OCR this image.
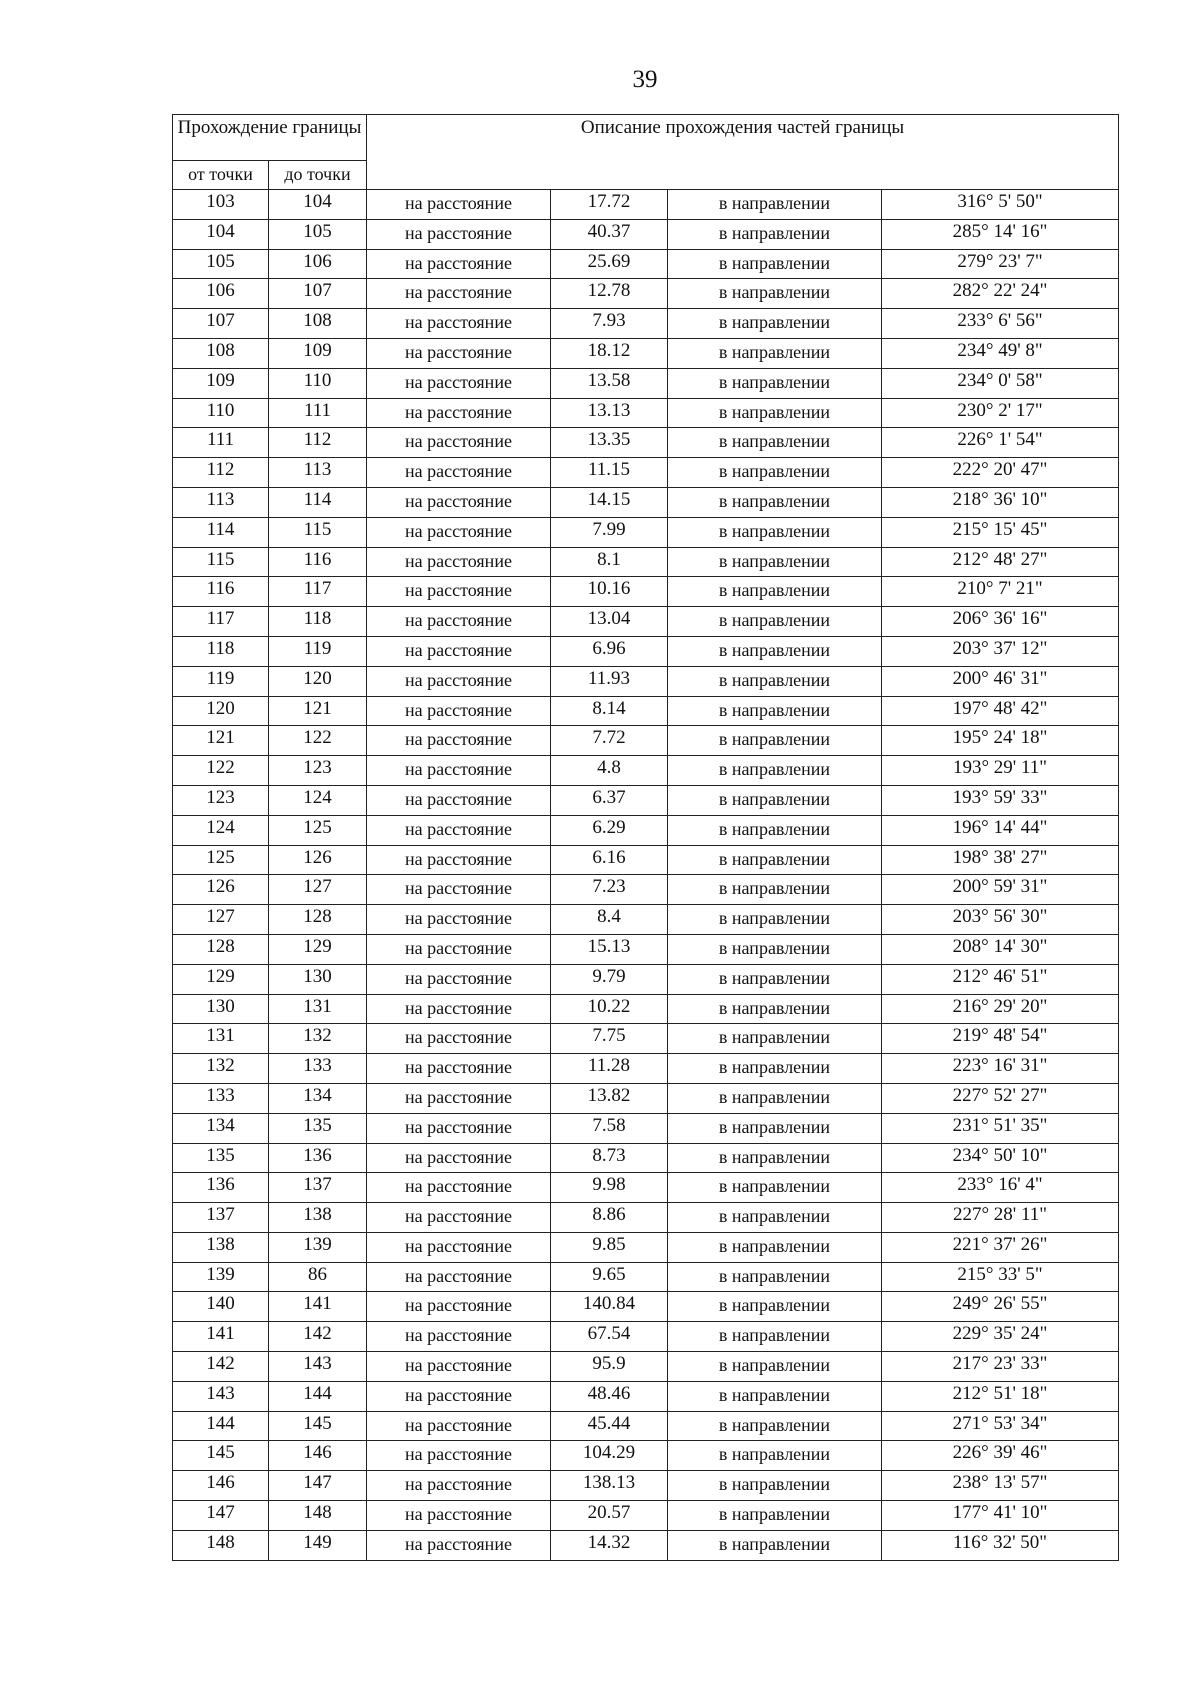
39
Прохождение границы		Описание прохождения частей границы			
от точки	до точки				
103	104	на расстояние	17.72	в направлении	316° 5' 50"
104	105	на расстояние	40.37	в направлении	285° 14' 16"
105	106	на расстояние	25.69	в направлении	279° 23' 7"
106	107	на расстояние	12.78	в направлении	282° 22' 24"
107	108	на расстояние	7.93	в направлении	233° 6' 56"
108	109	на расстояние	18.12	в направлении	234° 49' 8"
109	110	на расстояние	13.58	в направлении	234° 0' 58"
110	111	на расстояние	13.13	в направлении	230° 2' 17"
111	112	на расстояние	13.35	в направлении	226° 1' 54"
112	113	на расстояние	11.15	в направлении	222° 20' 47"
113	114	на расстояние	14.15	в направлении	218° 36' 10"
114	115	на расстояние	7.99	в направлении	215° 15' 45"
115	116	на расстояние	8.1	в направлении	212° 48' 27"
116	117	на расстояние	10.16	в направлении	210° 7' 21"
117	118	на расстояние	13.04	в направлении	206° 36' 16"
118	119	на расстояние	6.96	в направлении	203° 37' 12"
119	120	на расстояние	11.93	в направлении	200° 46' 31"
120	121	на расстояние	8.14	в направлении	197° 48' 42"
121	122	на расстояние	7.72	в направлении	195° 24' 18"
122	123	на расстояние	4.8	в направлении	193° 29' 11"
123	124	на расстояние	6.37	в направлении	193° 59' 33"
124	125	на расстояние	6.29	в направлении	196° 14' 44"
125	126	на расстояние	6.16	в направлении	198° 38' 27"
126	127	на расстояние	7.23	в направлении	200° 59' 31"
127	128	на расстояние	8.4	в направлении	203° 56' 30"
128	129	на расстояние	15.13	в направлении	208° 14' 30"
129	130	на расстояние	9.79	в направлении	212° 46' 51"
130	131	на расстояние	10.22	в направлении	216° 29' 20"
131	132	на расстояние	7.75	в направлении	219° 48' 54"
132	133	на расстояние	11.28	в направлении	223° 16' 31"
133	134	на расстояние	13.82	в направлении	227° 52' 27"
134	135	на расстояние	7.58	в направлении	231° 51' 35"
135	136	на расстояние	8.73	в направлении	234° 50' 10"
136	137	на расстояние	9.98	в направлении	233° 16' 4"
137	138	на расстояние	8.86	в направлении	227° 28' 11"
138	139	на расстояние	9.85	в направлении	221° 37' 26"
139	86	на расстояние	9.65	в направлении	215° 33' 5"
140	141	на расстояние	140.84	в направлении	249° 26' 55"
141	142	на расстояние	67.54	в направлении	229° 35' 24"
142	143	на расстояние	95.9	в направлении	217° 23' 33"
143	144	на расстояние	48.46	в направлении	212° 51' 18"
144	145	на расстояние	45.44	в направлении	271° 53' 34"
145	146	на расстояние	104.29	в направлении	226° 39' 46"
146	147	на расстояние	138.13	в направлении	238° 13' 57"
147	148	на расстояние	20.57	в направлении	177° 41' 10"
148	149	на расстояние	14.32	в направлении	116° 32' 50"
